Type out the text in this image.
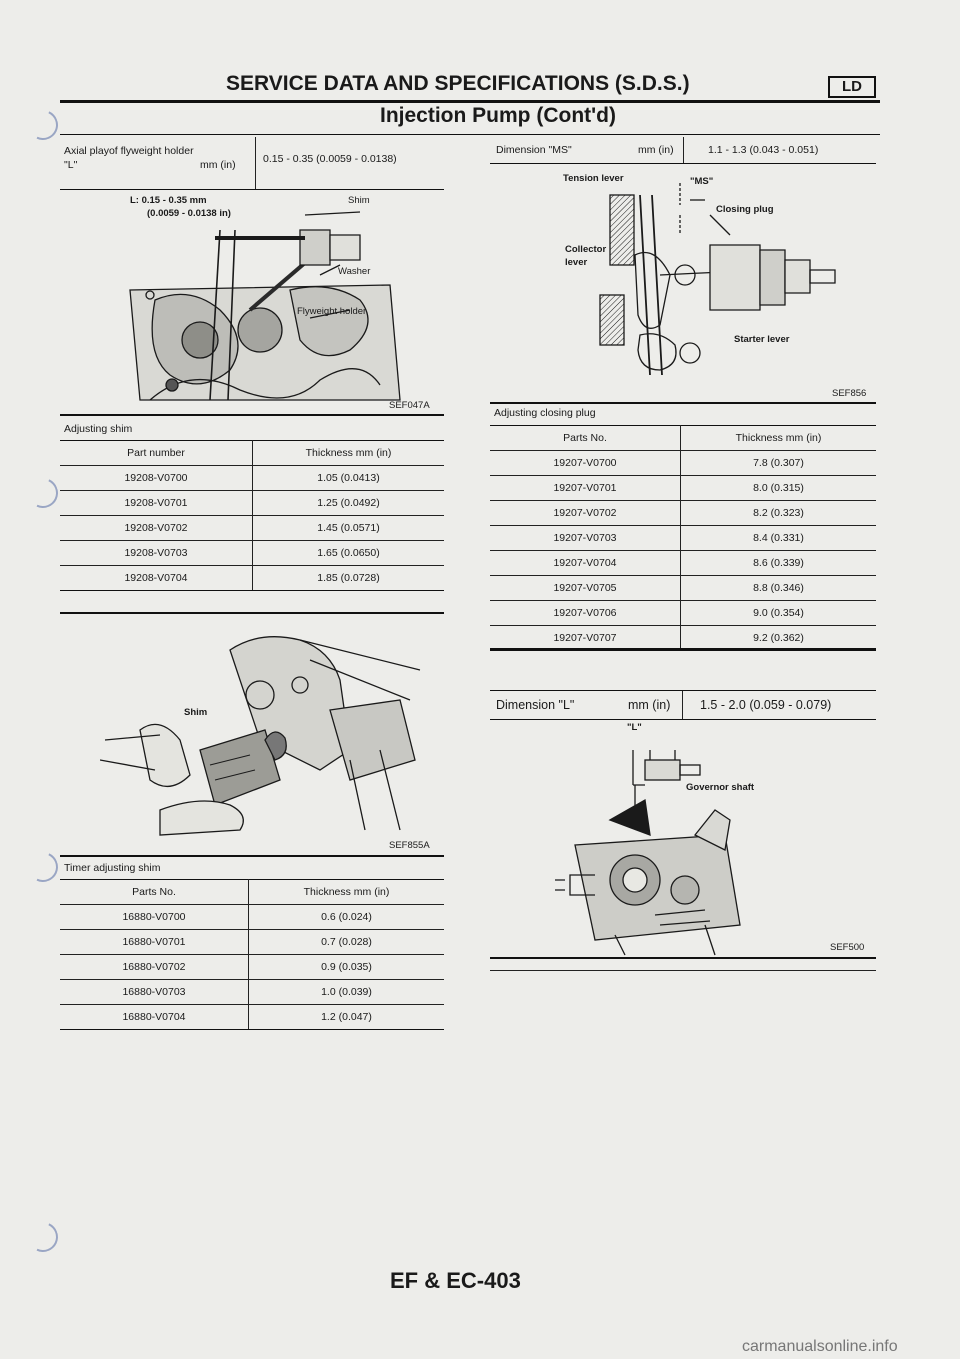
SERVICE DATA AND SPECIFICATIONS (S.D.S.)	LD
Injection Pump (Cont'd)
Axial playof flyweight holder
"L"	mm (in)	0.15 - 0.35 (0.0059 - 0.0138)
L: 0.15 - 0.35 mm
(0.0059 - 0.0138 in)
Shim
Washer
Flyweight holder
SEF047A
Adjusting shim
Part number	Thickness mm (in)
19208-V0700	1.05 (0.0413)
19208-V0701	1.25 (0.0492)
19208-V0702	1.45 (0.0571)
19208-V0703	1.65 (0.0650)
19208-V0704	1.85 (0.0728)
Shim
SEF855A
Timer adjusting shim
Parts No.	Thickness mm (in)
16880-V0700	0.6 (0.024)
16880-V0701	0.7 (0.028)
16880-V0702	0.9 (0.035)
16880-V0703	1.0 (0.039)
16880-V0704	1.2 (0.047)
Dimension "MS"	mm (in)	1.1 - 1.3 (0.043 - 0.051)
Tension lever	"MS"
Closing plug
Collector
lever
Starter lever
SEF856
Adjusting closing plug
Parts No.	Thickness mm (in)
19207-V0700	7.8 (0.307)
19207-V0701	8.0 (0.315)
19207-V0702	8.2 (0.323)
19207-V0703	8.4 (0.331)
19207-V0704	8.6 (0.339)
19207-V0705	8.8 (0.346)
19207-V0706	9.0 (0.354)
19207-V0707	9.2 (0.362)
Dimension "L"	mm (in) 1.5 - 2.0 (0.059 - 0.079)
"L"
Governor shaft
SEF500
EF & EC-403
carmanualsonline.info
